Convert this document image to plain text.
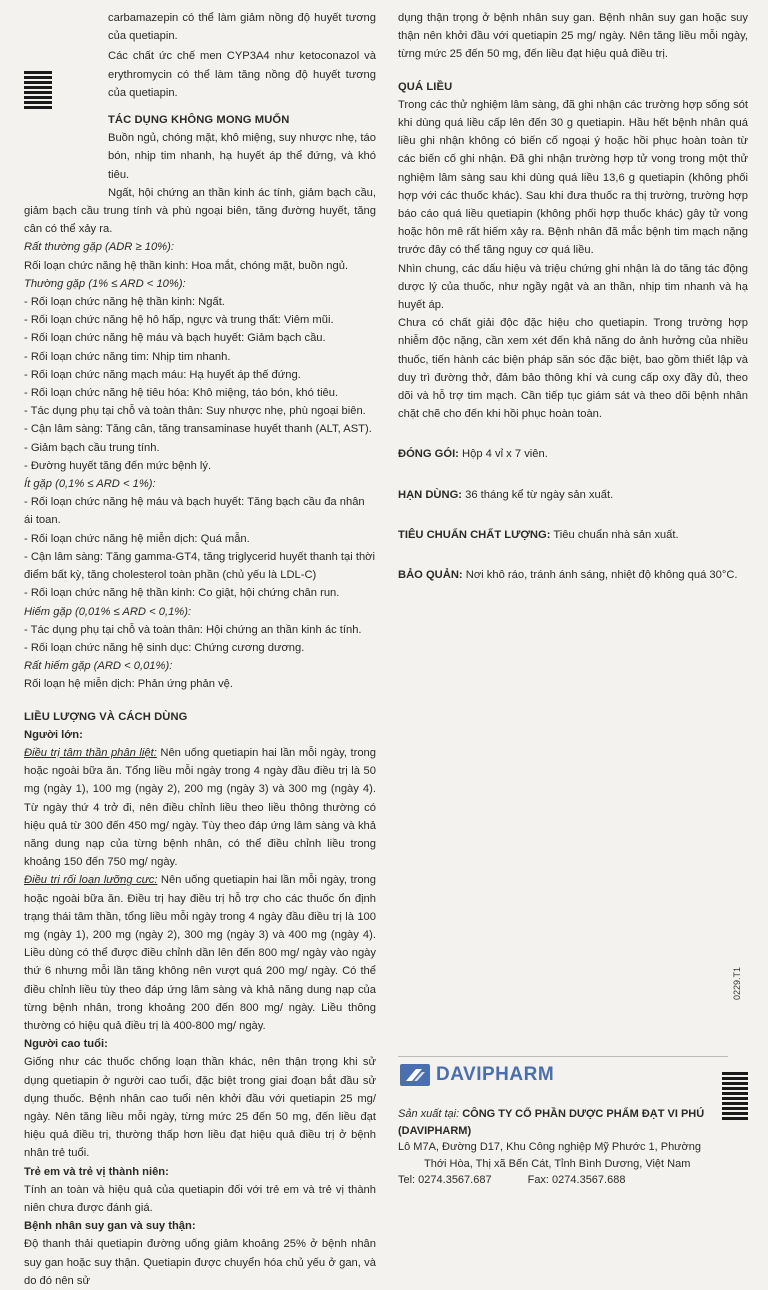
carbamazepin có thể làm giảm nồng độ huyết tương của quetiapin.

Các chất ức chế men CYP3A4 như ketoconazol và erythromycin có thể làm tăng nồng độ huyết tương của quetiapin.

TÁC DỤNG KHÔNG MONG MUỐN

Buồn ngủ, chóng mặt, khô miệng, suy nhược nhẹ, táo bón, nhịp tim nhanh, hạ huyết áp thể đứng, và khó tiêu.

Ngất, hội chứng an thần kinh ác tính, giảm bạch cầu, giảm bạch cầu trung tính và phù ngoại biên, tăng đường huyết, tăng cân có thể xảy ra.

Rất thường gặp (ADR ≥ 10%):

Rối loạn chức năng hệ thần kinh: Hoa mắt, chóng mặt, buồn ngủ.

Thường gặp (1% ≤ ARD < 10%):

- Rối loạn chức năng hệ thần kinh: Ngất.

- Rối loạn chức năng hệ hô hấp, ngực và trung thất: Viêm mũi.

- Rối loạn chức năng hệ máu và bạch huyết: Giảm bạch cầu.

- Rối loạn chức năng tim: Nhịp tim nhanh.

- Rối loạn chức năng mạch máu: Hạ huyết áp thế đứng.

- Rối loạn chức năng hệ tiêu hóa: Khô miệng, táo bón, khó tiêu.

- Tác dụng phụ tại chỗ và toàn thân: Suy nhược nhẹ, phù ngoại biên.

- Cận lâm sàng: Tăng cân, tăng transaminase huyết thanh (ALT, AST).

- Giảm bạch cầu trung tính.

- Đường huyết tăng đến mức bệnh lý.

Ít gặp (0,1% ≤ ARD < 1%):

- Rối loạn chức năng hệ máu và bạch huyết: Tăng bạch cầu đa nhân ái toan.

- Rối loạn chức năng hệ miễn dịch: Quá mẫn.

- Cận lâm sàng: Tăng gamma-GT4, tăng triglycerid huyết thanh tại thời điểm bất kỳ, tăng cholesterol toàn phần (chủ yếu là LDL-C)

- Rối loạn chức năng hệ thần kinh: Co giật, hội chứng chân run.

Hiếm gặp (0,01% ≤ ARD < 0,1%):

- Tác dụng phụ tại chỗ và toàn thân: Hội chứng an thần kinh ác tính.

- Rối loạn chức năng hệ sinh dục: Chứng cương dương.

Rất hiếm gặp (ARD < 0,01%):

Rối loạn hệ miễn dịch: Phản ứng phản vệ.

LIỀU LƯỢNG VÀ CÁCH DÙNG

Người lớn:

Điều trị tâm thần phân liệt: Nên uống quetiapin hai lần mỗi ngày, trong hoặc ngoài bữa ăn. Tổng liều mỗi ngày trong 4 ngày đầu điều trị là 50 mg (ngày 1), 100 mg (ngày 2), 200 mg (ngày 3) và 300 mg (ngày 4). Từ ngày thứ 4 trở đi, nên điều chỉnh liều theo liều thông thường có hiệu quả từ 300 đến 450 mg/ ngày. Tùy theo đáp ứng lâm sàng và khả năng dung nạp của từng bệnh nhân, có thể điều chỉnh liều trong khoảng 150 đến 750 mg/ ngày.

Điều trị rối loạn lưỡng cực: Nên uống quetiapin hai lần mỗi ngày, trong hoặc ngoài bữa ăn. Điều trị hay điều trị hỗ trợ cho các thuốc ổn định trạng thái tâm thần, tổng liều mỗi ngày trong 4 ngày đầu điều trị là 100 mg (ngày 1), 200 mg (ngày 2), 300 mg (ngày 3) và 400 mg (ngày 4). Liều dùng có thể được điều chỉnh dần lên đến 800 mg/ ngày vào ngày thứ 6 nhưng mỗi lần tăng không nên vượt quá 200 mg/ ngày. Có thể điều chỉnh liều tùy theo đáp ứng lâm sàng và khả năng dung nạp của từng bệnh nhân, trong khoảng 200 đến 800 mg/ ngày. Liều thông thường có hiệu quả điều trị là 400-800 mg/ ngày.

Người cao tuổi:

Giống như các thuốc chống loạn thần khác, nên thận trọng khi sử dụng quetiapin ở người cao tuổi, đặc biệt trong giai đoạn bắt đầu sử dụng thuốc. Bệnh nhân cao tuổi nên khởi đầu với quetiapin 25 mg/ ngày. Nên tăng liều mỗi ngày, từng mức 25 đến 50 mg, đến liều đạt hiệu quả điều trị, thường thấp hơn liều đạt hiệu quả điều trị ở bệnh nhân trẻ tuổi.

Trẻ em và trẻ vị thành niên:

Tính an toàn và hiệu quả của quetiapin đối với trẻ em và trẻ vị thành niên chưa được đánh giá.

Bệnh nhân suy gan và suy thận:

Độ thanh thải quetiapin đường uống giảm khoảng 25% ở bệnh nhân suy gan hoặc suy thận. Quetiapin được chuyển hóa chủ yếu ở gan, và do đó nên sử

dụng thận trọng ở bệnh nhân suy gan. Bệnh nhân suy gan hoặc suy thận nên khởi đầu với quetiapin 25 mg/ ngày. Nên tăng liều mỗi ngày, từng mức 25 đến 50 mg, đến liều đạt hiệu quả điều trị.

QUÁ LIỀU

Trong các thử nghiệm lâm sàng, đã ghi nhận các trường hợp sống sót khi dùng quá liều cấp lên đến 30 g quetiapin. Hầu hết bệnh nhân quá liều ghi nhận không có biến cố ngoại ý hoặc hồi phục hoàn toàn từ các biến cố ghi nhận. Đã ghi nhận trường hợp tử vong trong một thử nghiệm lâm sàng sau khi dùng quá liều 13,6 g quetiapin (không phối hợp với các thuốc khác). Sau khi đưa thuốc ra thị trường, trường hợp báo cáo quá liều quetiapin (không phối hợp thuốc khác) gây tử vong hoặc hôn mê rất hiếm xảy ra. Bệnh nhân đã mắc bệnh tim mạch nặng trước đây có thể tăng nguy cơ quá liều.

Nhìn chung, các dấu hiệu và triệu chứng ghi nhận là do tăng tác động dược lý của thuốc, như ngầy ngật và an thần, nhịp tim nhanh và hạ huyết áp.

Chưa có chất giải độc đặc hiệu cho quetiapin. Trong trường hợp nhiễm độc nặng, cần xem xét đến khả năng do ảnh hưởng của nhiều thuốc, tiến hành các biện pháp săn sóc đặc biệt, bao gồm thiết lập và duy trì đường thở, đảm bảo thông khí và cung cấp oxy đầy đủ, theo dõi và hỗ trợ tim mạch. Cần tiếp tục giám sát và theo dõi bệnh nhân chặt chẽ cho đến khi hồi phục hoàn toàn.

ĐÓNG GÓI: Hộp 4 vỉ x 7 viên.

HẠN DÙNG: 36 tháng kể từ ngày sản xuất.

TIÊU CHUẨN CHẤT LƯỢNG: Tiêu chuẩn nhà sản xuất.

BẢO QUẢN: Nơi khô ráo, tránh ánh sáng, nhiệt độ không quá 30°C.

0229.T1
DAVIPHARM

Sản xuất tại: CÔNG TY CỔ PHẦN DƯỢC PHẨM ĐẠT VI PHÚ

(DAVIPHARM)

Lô M7A, Đường D17, Khu Công nghiệp Mỹ Phước 1, Phường

Thới Hòa, Thị xã Bến Cát, Tỉnh Bình Dương, Việt Nam

Tel: 0274.3567.687	Fax: 0274.3567.688
